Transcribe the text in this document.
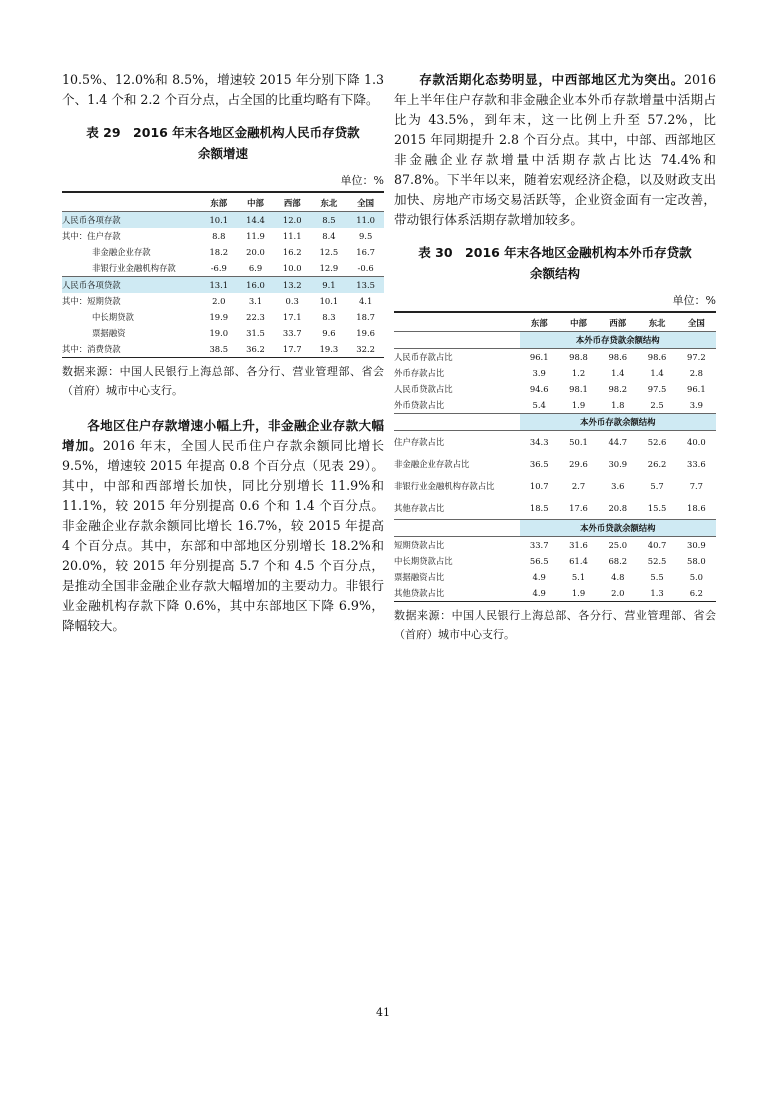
10.5%、12.0%和 8.5%，增速较 2015 年分别下降 1.3 个、1.4 个和 2.2 个百分点，占全国的比重均略有下降。

表 29　2016 年末各地区金融机构人民币存贷款
余额增速
单位：%
	东部	中部	西部	东北	全国
人民币各项存款	10.1	14.4	12.0	8.5	11.0
其中：住户存款	8.8	11.9	11.1	8.4	9.5
非金融企业存款	18.2	20.0	16.2	12.5	16.7
非银行业金融机构存款	-6.9	6.9	10.0	12.9	-0.6
人民币各项贷款	13.1	16.0	13.2	9.1	13.5
其中：短期贷款	2.0	3.1	0.3	10.1	4.1
中长期贷款	19.9	22.3	17.1	8.3	18.7
票据融资	19.0	31.5	33.7	9.6	19.6
其中：消费贷款	38.5	36.2	17.7	19.3	32.2

数据来源：中国人民银行上海总部、各分行、营业管理部、省会（首府）城市中心支行。

各地区住户存款增速小幅上升，非金融企业存款大幅增加。2016 年末，全国人民币住户存款余额同比增长 9.5%，增速较 2015 年提高 0.8 个百分点（见表 29）。其中，中部和西部增长加快，同比分别增长 11.9%和 11.1%，较 2015 年分别提高 0.6 个和 1.4 个百分点。非金融企业存款余额同比增长 16.7%，较 2015 年提高 4 个百分点。其中，东部和中部地区分别增长 18.2%和 20.0%，较 2015 年分别提高 5.7 个和 4.5 个百分点，是推动全国非金融企业存款大幅增加的主要动力。非银行业金融机构存款下降 0.6%，其中东部地区下降 6.9%，降幅较大。

存款活期化态势明显，中西部地区尤为突出。2016 年上半年住户存款和非金融企业本外币存款增量中活期占比为 43.5%，到年末，这一比例上升至 57.2%，比 2015 年同期提升 2.8 个百分点。其中，中部、西部地区非金融企业存款增量中活期存款占比达 74.4%和 87.8%。下半年以来，随着宏观经济企稳，以及财政支出加快、房地产市场交易活跃等，企业资金面有一定改善，带动银行体系活期存款增加较多。

表 30　2016 年末各地区金融机构本外币存贷款
余额结构
单位：%
	东部	中部	西部	东北	全国
	本外币存贷款余额结构				
人民币存款占比	96.1	98.8	98.6	98.6	97.2
外币存款占比	3.9	1.2	1.4	1.4	2.8
人民币贷款占比	94.6	98.1	98.2	97.5	96.1
外币贷款占比	5.4	1.9	1.8	2.5	3.9
	本外币存款余额结构				
住户存款占比	34.3	50.1	44.7	52.6	40.0
非金融企业存款占比	36.5	29.6	30.9	26.2	33.6
非银行业金融机构存款占比	10.7	2.7	3.6	5.7	7.7
其他存款占比	18.5	17.6	20.8	15.5	18.6
	本外币贷款余额结构				
短期贷款占比	33.7	31.6	25.0	40.7	30.9
中长期贷款占比	56.5	61.4	68.2	52.5	58.0
票据融资占比	4.9	5.1	4.8	5.5	5.0
其他贷款占比	4.9	1.9	2.0	1.3	6.2

数据来源：中国人民银行上海总部、各分行、营业管理部、省会（首府）城市中心支行。

41
